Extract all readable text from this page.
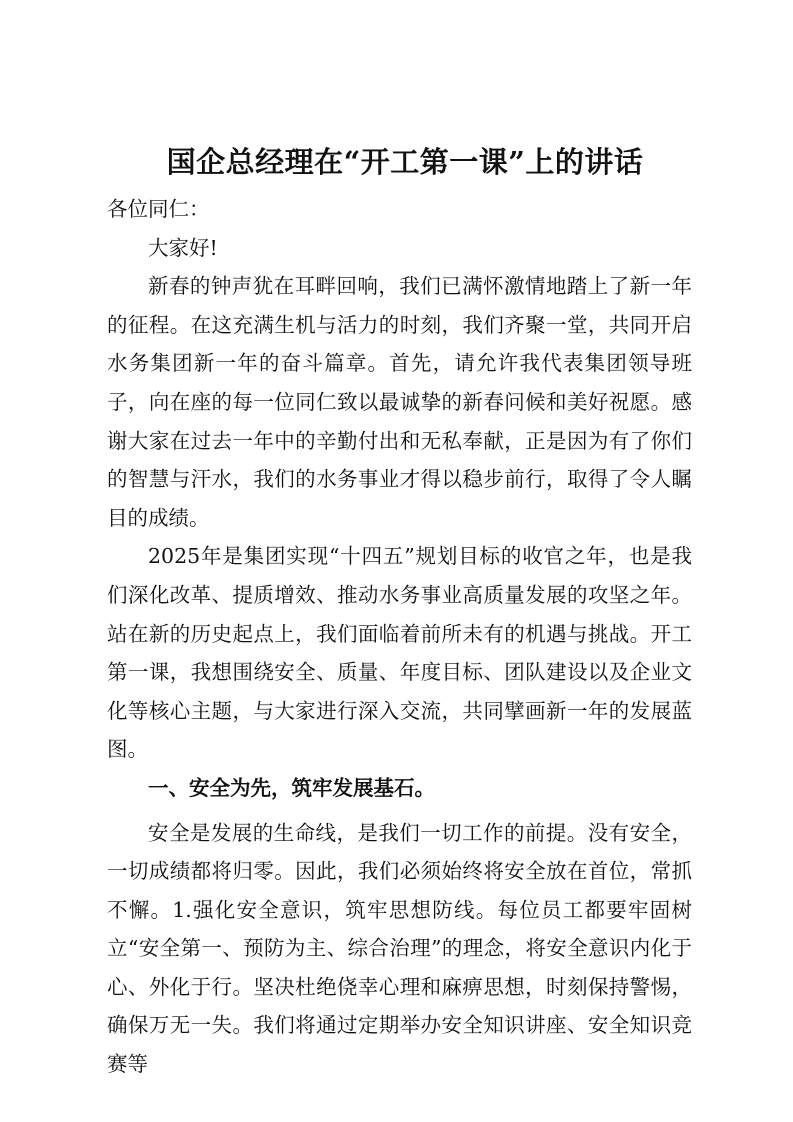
国企总经理在“开工第一课”上的讲话

各位同仁：

大家好!

新春的钟声犹在耳畔回响，我们已满怀激情地踏上了新一年的征程。在这充满生机与活力的时刻，我们齐聚一堂，共同开启水务集团新一年的奋斗篇章。首先，请允许我代表集团领导班子，向在座的每一位同仁致以最诚挚的新春问候和美好祝愿。感谢大家在过去一年中的辛勤付出和无私奉献，正是因为有了你们的智慧与汗水，我们的水务事业才得以稳步前行，取得了令人瞩目的成绩。

2025年是集团实现“十四五”规划目标的收官之年，也是我们深化改革、提质增效、推动水务事业高质量发展的攻坚之年。站在新的历史起点上，我们面临着前所未有的机遇与挑战。开工第一课，我想围绕安全、质量、年度目标、团队建设以及企业文化等核心主题，与大家进行深入交流，共同擘画新一年的发展蓝图。

一、安全为先，筑牢发展基石。

安全是发展的生命线，是我们一切工作的前提。没有安全，一切成绩都将归零。因此，我们必须始终将安全放在首位，常抓不懈。1.强化安全意识，筑牢思想防线。每位员工都要牢固树立“安全第一、预防为主、综合治理”的理念，将安全意识内化于心、外化于行。坚决杜绝侥幸心理和麻痹思想，时刻保持警惕，确保万无一失。我们将通过定期举办安全知识讲座、安全知识竞赛等
